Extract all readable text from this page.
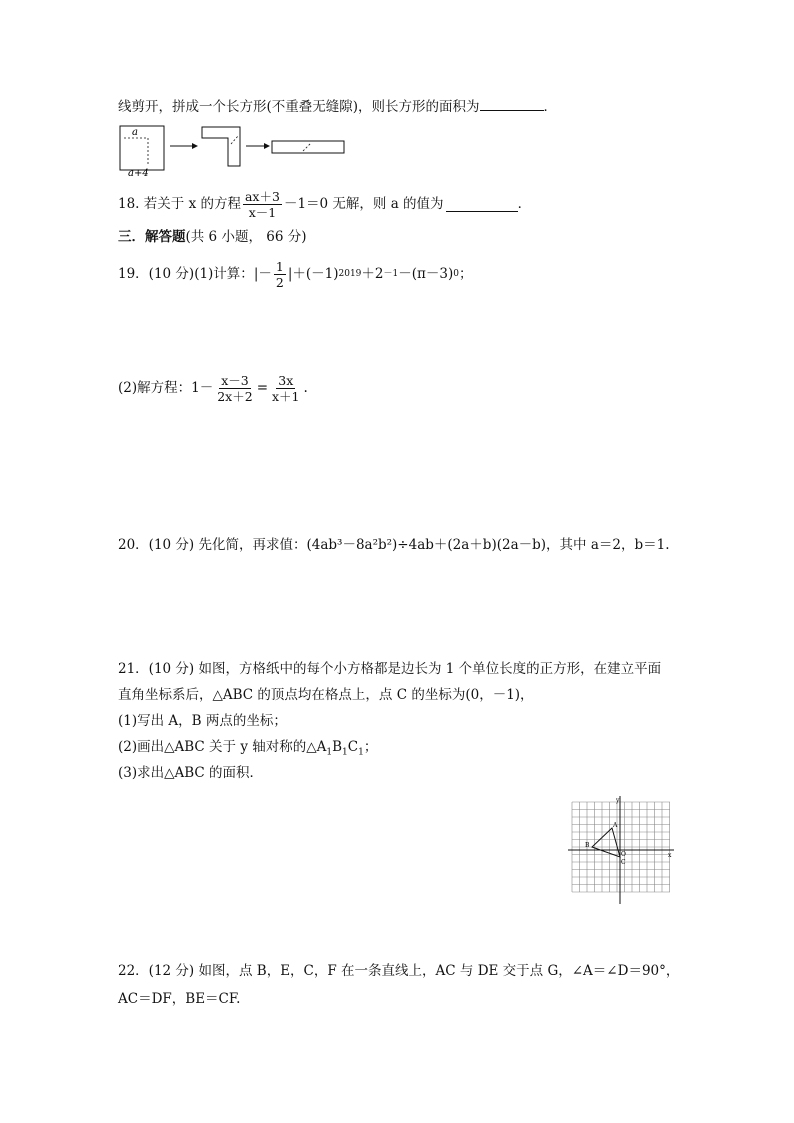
线剪开，拼成一个长方形(不重叠无缝隙)，则长方形的面积为	．
a
a+4
18.
若关于 x 的方程 $\frac{ax+3}{x-1} -1=0$ 无解，则 a 的值为	．
三．解答题(共 6 小题， 66 分)
19．(10 分) (1)计算： |－ $\frac{1}{2} |+(-1)$ 2019 ＋2 －1 －(π－3) 0 ；
(2)解方程： $1- \frac{x-3}{2x+2} = \frac{3x}{x+1}$ .
20．(10 分) 先化简，再求值：(4ab³－8a²b²)÷4ab＋(2a＋b)(2a－b)，其中 a＝2，b＝1.
21．(10 分) 如图，方格纸中的每个小方格都是边长为 1 个单位长度的正方形，在建立平面
直角坐标系后，△ABC 的顶点均在格点上，点 C 的坐标为(0，－1)，
(1)写出 A，B 两点的坐标；
(2)画出△ABC 关于 y 轴对称的$\triangle A_1B_1C_1$；
(3)求出△ABC 的面积．
y
x
A
B
C
O
22．(12 分) 如图，点 B，E，C，F 在一条直线上，AC 与 DE 交于点 G，∠A＝∠D＝90°，
AC＝DF，BE＝CF.
